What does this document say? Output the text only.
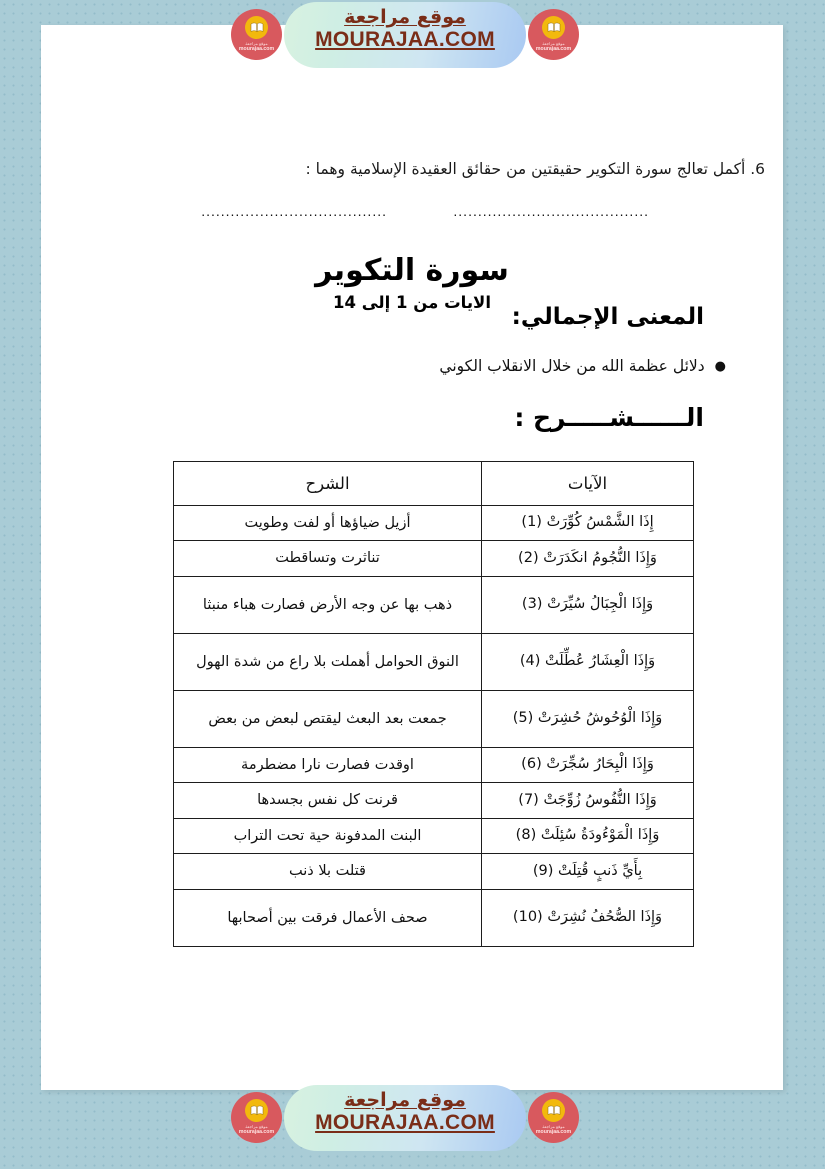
6. أكمل تعالج سورة التكوير حقيقتين من حقائق العقيدة الإسلامية وهما :
......................................	........................................
سورة التكوير
الايات من 1 إلى 14
المعنى الإجمالي:
●دلائل عظمة الله من خلال الانقلاب الكوني
الــــــشـــــرح :
الآيات	الشرح
إِذَا الشَّمْسُ كُوِّرَتْ (1)	أزيل ضياؤها أو لفت وطويت
وَإِذَا النُّجُومُ انكَدَرَتْ (2)	تناثرت وتساقطت
وَإِذَا الْجِبَالُ سُيِّرَتْ (3)	ذهب بها عن وجه الأرض فصارت هباء منبثا
وَإِذَا الْعِشَارُ عُطِّلَتْ (4)	النوق الحوامل أهملت بلا راع من شدة الهول
وَإِذَا الْوُحُوشُ حُشِرَتْ (5)	جمعت بعد البعث ليقتص لبعض من بعض
وَإِذَا الْبِحَارُ سُجِّرَتْ (6)	اوقدت فصارت نارا مضطرمة
وَإِذَا النُّفُوسُ زُوِّجَتْ (7)	قرنت كل نفس بجسدها
وَإِذَا الْمَوْءُودَةُ سُئِلَتْ (8)	البنت المدفونة حية تحت التراب
بِأَيِّ ذَنبٍ قُتِلَتْ (9)	قتلت بلا ذنب
وَإِذَا الصُّحُفُ نُشِرَتْ (10)	صحف الأعمال فرقت بين أصحابها
موقع مراجعة
mourajaa.com
موقع مراجعة
MOURAJAA.COM	موقع مراجعة
mourajaa.com
موقع مراجعة
mourajaa.com
موقع مراجعة
MOURAJAA.COM	موقع مراجعة
mourajaa.com
